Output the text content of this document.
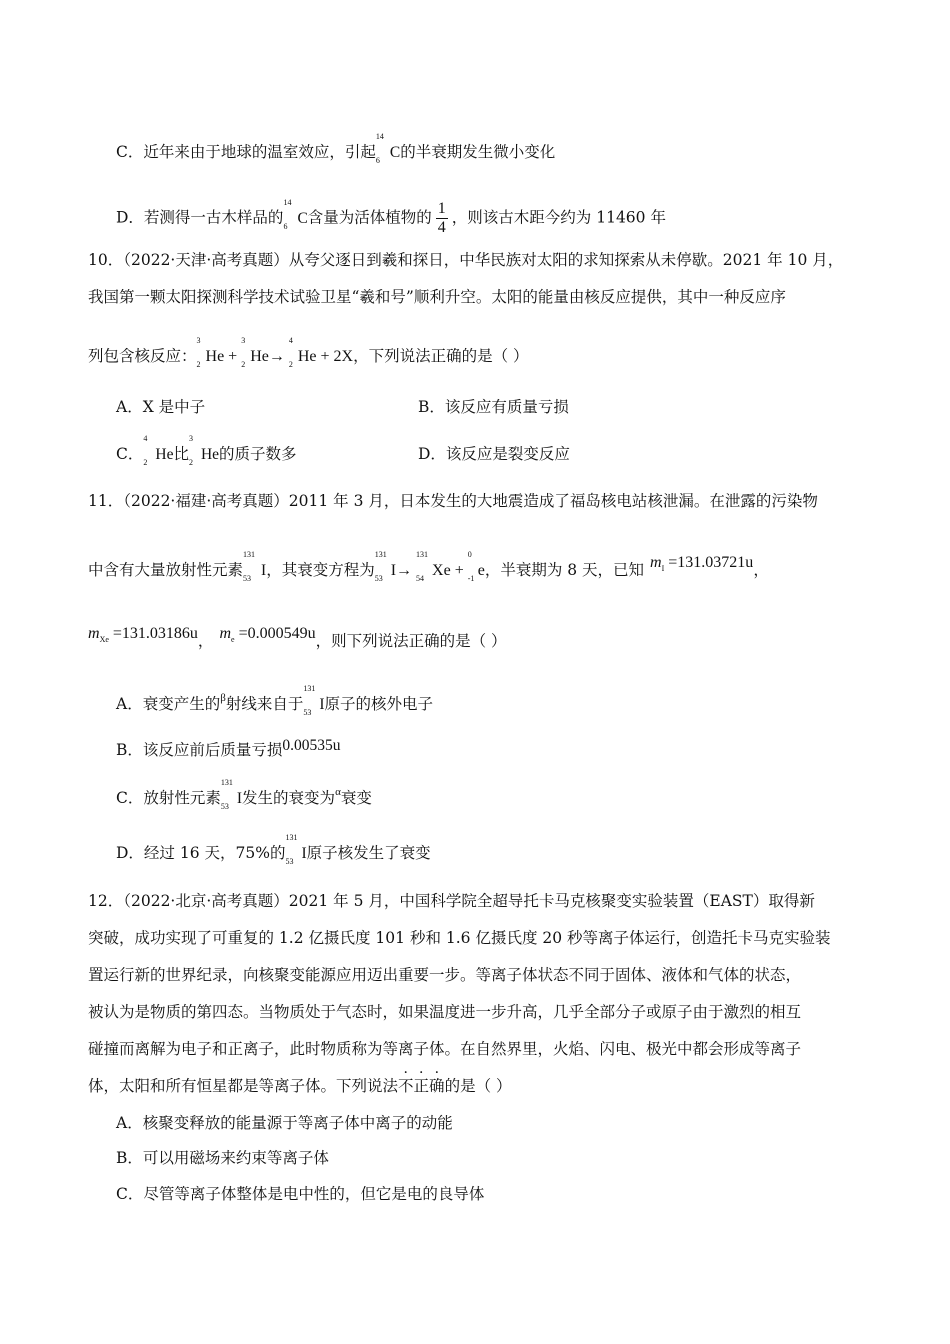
C．近年来由于地球的温室效应，引起
14
6 C的半衰期发生微小变化
D．若测得一古木样品的
14
6 C含量为活体植物的 $\frac{1}{4}$ ，则该古木距今约为 11460 年
10．（2022·天津·高考真题）从夸父逐日到羲和探日，中华民族对太阳的求知探索从未停歇。2021 年 10 月，
我国第一颗太阳探测科学技术试验卫星“羲和号”顺利升空。太阳的能量由核反应提供，其中一种反应序
列包含核反应：
3
2 He +
3
2 He→
4
2 He + 2X，下列说法正确的是（ ）
A．X 是中子	B．该反应有质量亏损
C．
4
2 He比
3
2 He的质子数多	D．该反应是裂变反应
11．（2022·福建·高考真题）2011 年 3 月，日本发生的大地震造成了福岛核电站核泄漏。在泄露的污染物
中含有大量放射性元素
131
53 I，其衰变方程为
131
53 I→
131
54 Xe +
0
-1 e，半衰期为 8 天，已知 $m_I =131.03721u$，
$m_{Xe} =131.03186u$， $m_e =0.000549u$，则下列说法正确的是（ ）
A．衰变产生的$^\beta$射线来自于
131
53 I原子的核外电子
B．该反应前后质量亏损0.00535u
C．放射性元素
131
53 I发生的衰变为$^\alpha$衰变
D．经过 16 天，75%的
131
53 I原子核发生了衰变
12．（2022·北京·高考真题）2021 年 5 月，中国科学院全超导托卡马克核聚变实验装置（EAST）取得新
突破，成功实现了可重复的 1.2 亿摄氏度 101 秒和 1.6 亿摄氏度 20 秒等离子体运行，创造托卡马克实验装
置运行新的世界纪录，向核聚变能源应用迈出重要一步。等离子体状态不同于固体、液体和气体的状态，
被认为是物质的第四态。当物质处于气态时，如果温度进一步升高，几乎全部分子或原子由于激烈的相互
碰撞而离解为电子和正离子，此时物质称为等离子体。在自然界里，火焰、闪电、极光中都会形成等离子
体，太阳和所有恒星都是等离子体。下列说法不正确的是（ ）
A．核聚变释放的能量源于等离子体中离子的动能
B．可以用磁场来约束等离子体
C．尽管等离子体整体是电中性的，但它是电的良导体
